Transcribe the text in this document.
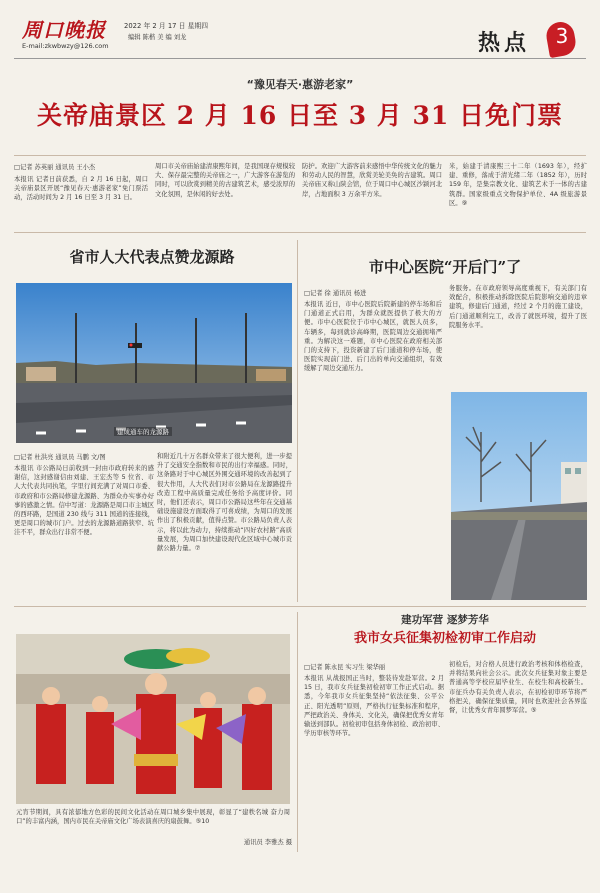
周口晚报
E-mail:zkwbwzy@126.com
2022 年 2 月 17 日 星期四
编辑 陈楷 美 编 刘龙	热点 3
“豫见春天·惠游老家”
关帝庙景区 2 月 16 日至 3 月 31 日免门票
□记者 苏英丽 通讯员 王小杰
本报讯 记者日前获悉，自 2 月 16 日起，周口关帝庙景区开展“豫见春天·惠游老家”免门票活动，活动时间为 2 月 16 日至 3 月 31 日。
周口市关帝庙始建清康熙年间，是我国现存规模较大、保存最完整的关帝庙之一，广大游客在游览的同时，可以欣赏到精美的古建筑艺术，感受浓厚的文化氛围，是休闲的好去处。
防护。欢迎广大游客前来感悟中华传统文化的魅力和劳动人民的智慧，欣赏美轮美奂的古建筑。周口关帝庙又称山陕会馆，位于周口中心城区沙颍河北岸，占地面积 3 万余平方米。
米，始建于清康熙三十二年（1693 年），经扩建、重修，落成于清光绪二年（1852 年），历时 159 年，是集宗教文化、建筑艺术于一体的古建筑群。国家级重点文物保护单位、4A 级旅游景区。⑨
省市人大代表点赞龙源路
建成通车的龙源路
□记者 杜洪亮 通讯员 马鹏 文/图
本报讯 市公路局日前收到一封由市政府转来的感谢信，这封感谢信由刘建、王宏杰等 5 位省、市人大代表共同执笔，字里行间充满了对周口市委、市政府和市公路局修建龙源路、为群众办实事办好事的感激之情。信中写道：龙源路是周口市主城区的西环路，是国道 230 线与 311 国道的连接线，更是周口的城市门户。过去的龙源路道路狭窄、坑洼不平，群众出行非常不便。
和附近几十万名群众带来了很大便利，进一步提升了交通安全指数和市民的出行幸福感。同时，这条路对于中心城区外围交通环境的改善起到了很大作用，人大代表们对市公路局在龙源路提升改造工程中高质量完成任务给予高度评价。同时，他们还表示，周口市公路局这些年在交通基础设施建设方面取得了可喜成绩，为周口的发展作出了积极贡献，值得点赞。市公路局负责人表示，将以此为动力，持续推动“四好农村路”高质量发展，为周口加快建设现代化区域中心城市贡献公路力量。⑦
市中心医院“开后门”了
□记者 徐 通讯员 杨进
本报讯 近日，市中心医院后院新建的停车场和后门通道正式启用，为群众就医提供了极大的方便。市中心医院位于市中心城区，就医人员多，车辆多，每到就诊高峰期，医院周边交通拥堵严重。为解决这一难题，市中心医院在政府相关部门的支持下，投资新建了后门通道和停车场，使医院实现前门进、后门出的单向交通组织，有效缓解了周边交通压力。
务服务。在市政府领导高度重视下，有关部门有效配合，积极推动拆除医院后院影响交通的违章建筑，修建后门通道，经过 2 个月的施工建设，后门通道顺利完工，改善了就医环境，提升了医院服务水平。
元宵节期间，具有浓郁地方色彩的民间文化活动在周口城乡集中展现，彰显了“建秩名城 奋力周口”的丰富内涵，国内市民在关帝庙文化广场表演喜庆的扇鼓舞。⑤10
通讯员 李雅杰 摄
建功军营 逐梦芳华
我市女兵征集初检初审工作启动
□记者 陈永昆 实习生 梁华丽
本报讯 从战报国正当时，整装待发赴军营。2 月 15 日，我市女兵征集初检初审工作正式启动。据悉，今年我市女兵征集坚持“依法征集、公平公正、阳光透明”原则，严格执行征集标准和程序，严把政治关、身体关、文化关，确保把优秀女青年输送到部队。初检初审包括身体初检、政治初审、学历审核等环节。
初检后，对合格人员进行政治考核和体格检查，并将结果向社会公示。此次女兵征集对象主要是普通高等学校应届毕业生、在校生和高校新生。市征兵办有关负责人表示，在初检初审环节将严格把关，确保征集质量，同时也欢迎社会各界监督，让优秀女青年圆梦军营。⑤
